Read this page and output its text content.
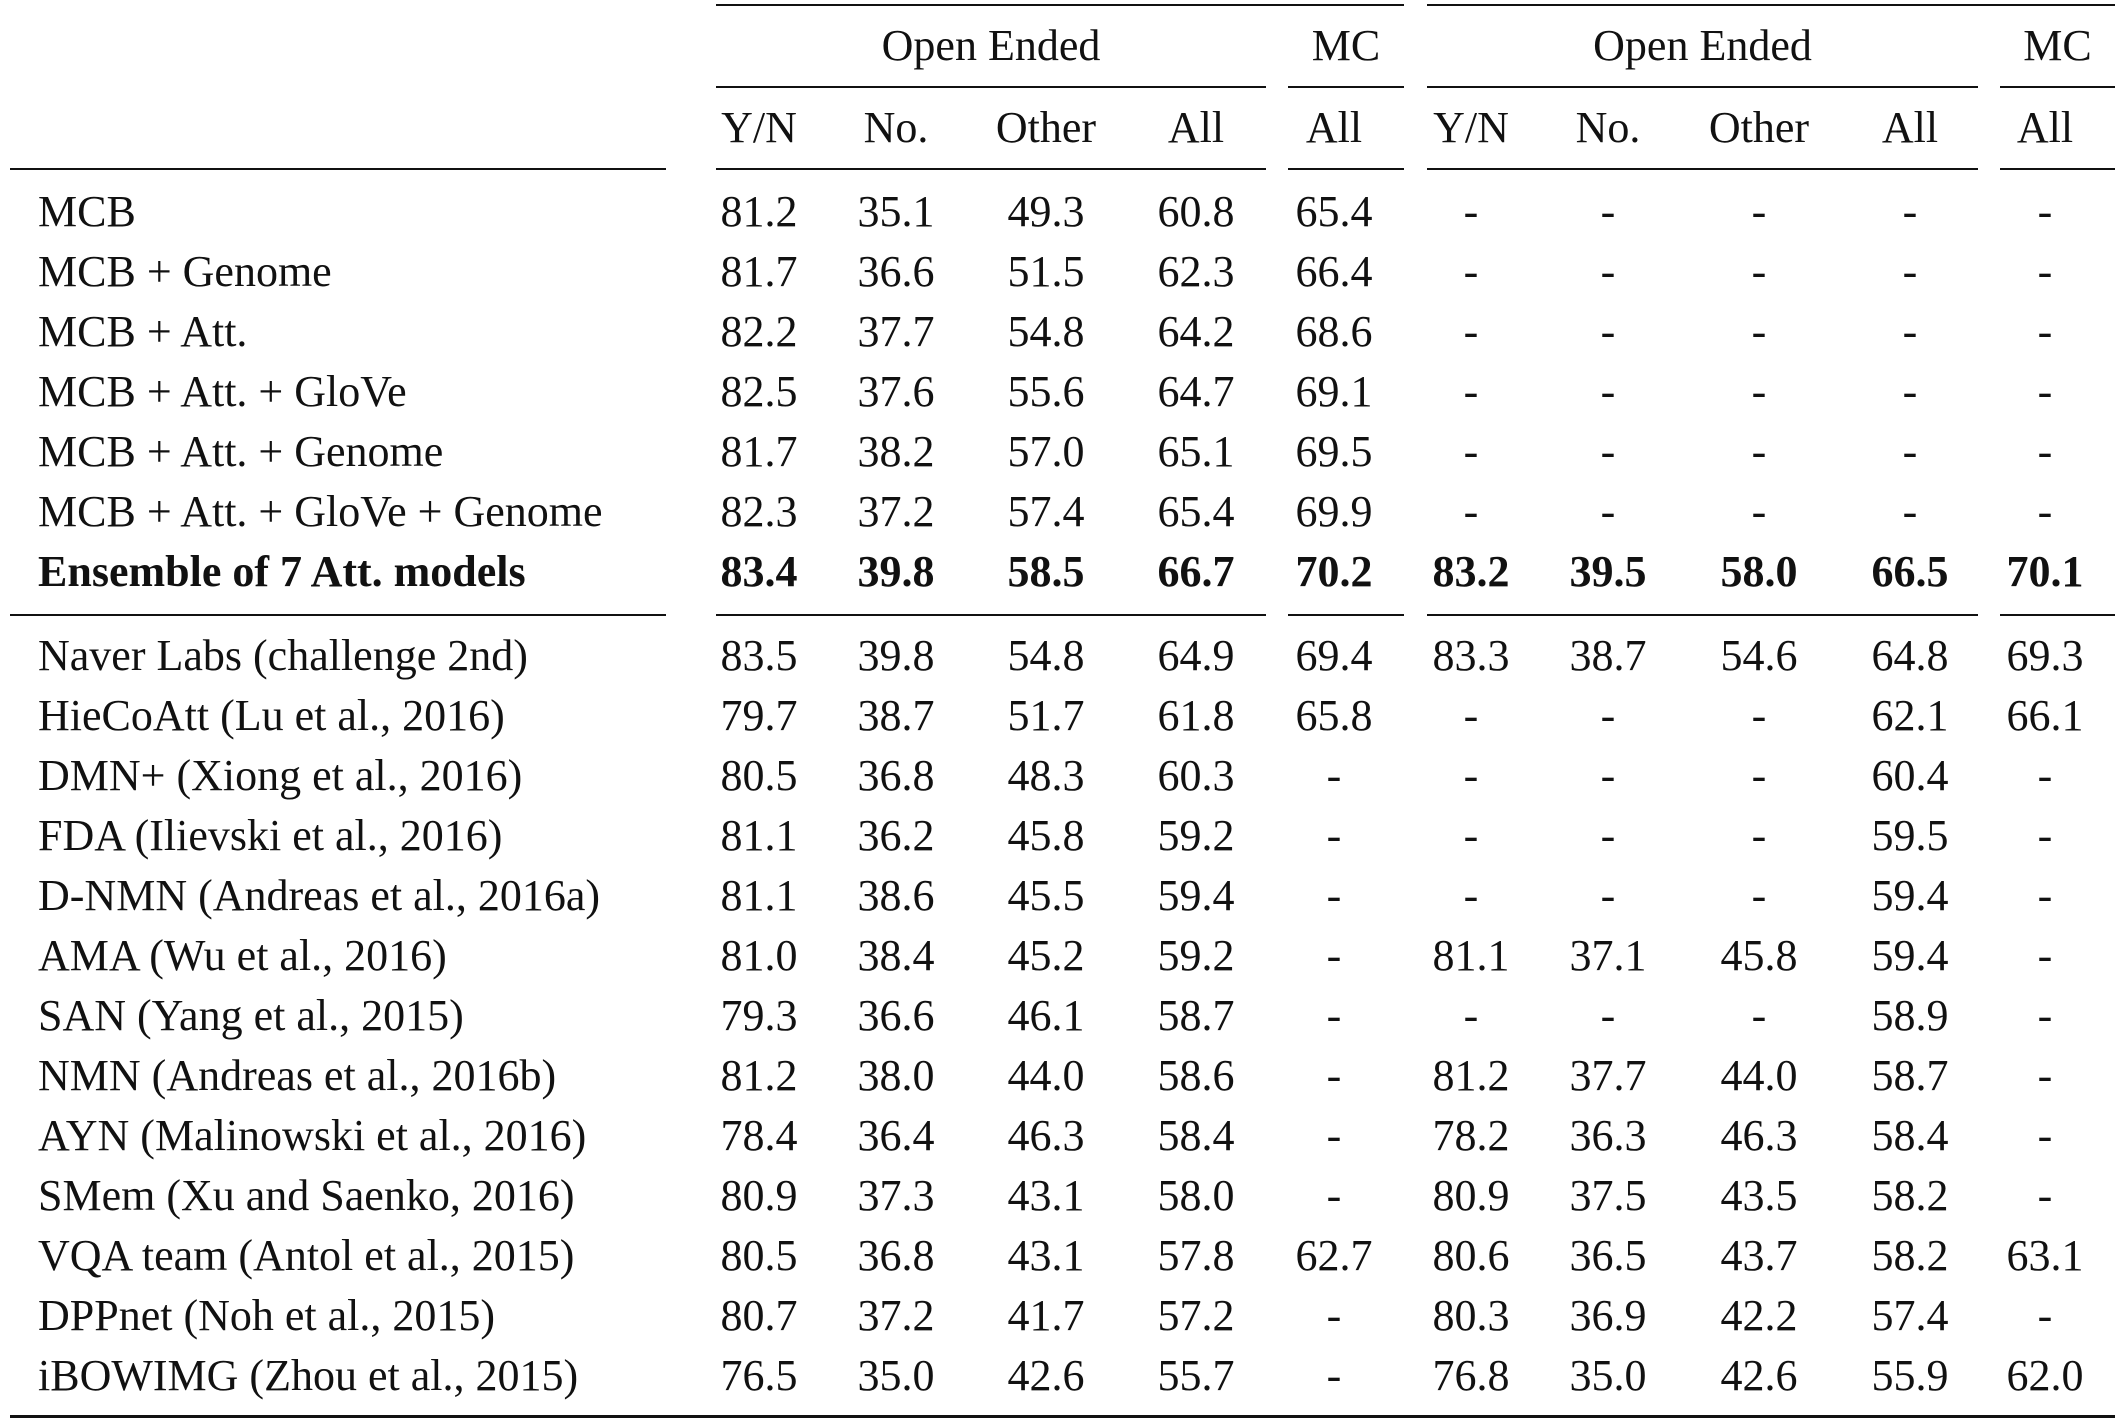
Open Ended	MC	Open Ended	MC
Y/N	No.	Other	All	All	Y/N	No.	Other	All	All
MCB	81.2	35.1	49.3	60.8	65.4	-	-	-	-	-
MCB + Genome	81.7	36.6	51.5	62.3	66.4	-	-	-	-	-
MCB + Att.	82.2	37.7	54.8	64.2	68.6	-	-	-	-	-
MCB + Att. + GloVe	82.5	37.6	55.6	64.7	69.1	-	-	-	-	-
MCB + Att. + Genome	81.7	38.2	57.0	65.1	69.5	-	-	-	-	-
MCB + Att. + GloVe + Genome	82.3	37.2	57.4	65.4	69.9	-	-	-	-	-
Ensemble of 7 Att. models	83.4	39.8	58.5	66.7	70.2	83.2	39.5	58.0	66.5	70.1
Naver Labs (challenge 2nd)	83.5	39.8	54.8	64.9	69.4	83.3	38.7	54.6	64.8	69.3
HieCoAtt (Lu et al., 2016)	79.7	38.7	51.7	61.8	65.8	-	-	-	62.1	66.1
DMN+ (Xiong et al., 2016)	80.5	36.8	48.3	60.3	-	-	-	-	60.4	-
FDA (Ilievski et al., 2016)	81.1	36.2	45.8	59.2	-	-	-	-	59.5	-
D-NMN (Andreas et al., 2016a)	81.1	38.6	45.5	59.4	-	-	-	-	59.4	-
AMA (Wu et al., 2016)	81.0	38.4	45.2	59.2	-	81.1	37.1	45.8	59.4	-
SAN (Yang et al., 2015)	79.3	36.6	46.1	58.7	-	-	-	-	58.9	-
NMN (Andreas et al., 2016b)	81.2	38.0	44.0	58.6	-	81.2	37.7	44.0	58.7	-
AYN (Malinowski et al., 2016)	78.4	36.4	46.3	58.4	-	78.2	36.3	46.3	58.4	-
SMem (Xu and Saenko, 2016)	80.9	37.3	43.1	58.0	-	80.9	37.5	43.5	58.2	-
VQA team (Antol et al., 2015)	80.5	36.8	43.1	57.8	62.7	80.6	36.5	43.7	58.2	63.1
DPPnet (Noh et al., 2015)	80.7	37.2	41.7	57.2	-	80.3	36.9	42.2	57.4	-
iBOWIMG (Zhou et al., 2015)	76.5	35.0	42.6	55.7	-	76.8	35.0	42.6	55.9	62.0
